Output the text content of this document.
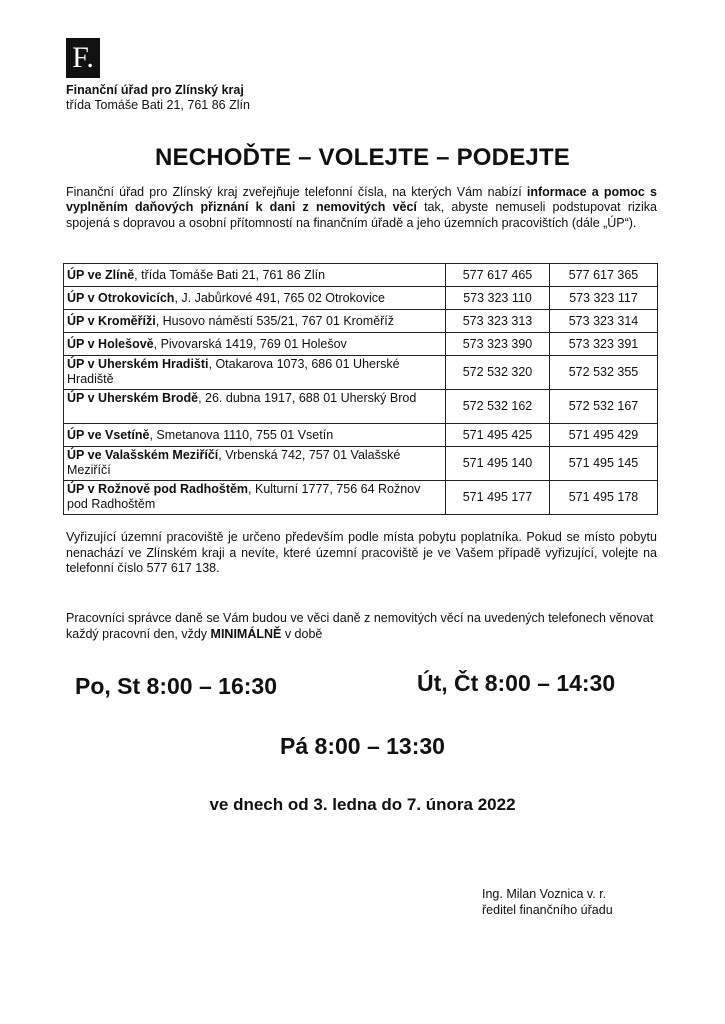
F.
Finanční úřad pro Zlínský kraj
třída Tomáše Bati 21, 761 86 Zlín
NECHOĎTE – VOLEJTE – PODEJTE
Finanční úřad pro Zlínský kraj zveřejňuje telefonní čísla, na kterých Vám nabízí informace a pomoc s vyplněním daňových přiznání k dani z nemovitých věcí tak, abyste nemuseli podstupovat rizika spojená s dopravou a osobní přítomností na finančním úřadě a jeho územních pracovištích (dále „ÚP“).
ÚP ve Zlíně, třída Tomáše Bati 21, 761 86 Zlín	577 617 465	577 617 365
ÚP v Otrokovicích, J. Jabůrkové 491, 765 02 Otrokovice	573 323 110	573 323 117
ÚP v Kroměříži, Husovo náměstí 535/21, 767 01 Kroměříž	573 323 313	573 323 314
ÚP v Holešově, Pivovarská 1419, 769 01 Holešov	573 323 390	573 323 391
ÚP v Uherském Hradišti, Otakarova 1073, 686 01 Uherské Hradiště	572 532 320	572 532 355
ÚP v Uherském Brodě, 26. dubna 1917, 688 01 Uherský Brod	572 532 162	572 532 167
ÚP ve Vsetíně, Smetanova 1110, 755 01 Vsetín	571 495 425	571 495 429
ÚP ve Valašském Meziříčí, Vrbenská 742, 757 01 Valašské Meziříčí	571 495 140	571 495 145
ÚP v Rožnově pod Radhoštěm, Kulturní 1777, 756 64 Rožnov pod Radhoštěm	571 495 177	571 495 178
Vyřizující územní pracoviště je určeno především podle místa pobytu poplatníka. Pokud se místo pobytu nenachází ve Zlínském kraji a nevíte, které územní pracoviště je ve Vašem případě vyřizující, volejte na telefonní číslo 577 617 138.
Pracovníci správce daně se Vám budou ve věci daně z nemovitých věcí na uvedených telefonech věnovat každý pracovní den, vždy MINIMÁLNĚ v době
Po, St 8:00 – 16:30	Út, Čt 8:00 – 14:30
Pá 8:00 – 13:30
ve dnech od 3. ledna do 7. února 2022
Ing. Milan Voznica v. r.
ředitel finančního úřadu
